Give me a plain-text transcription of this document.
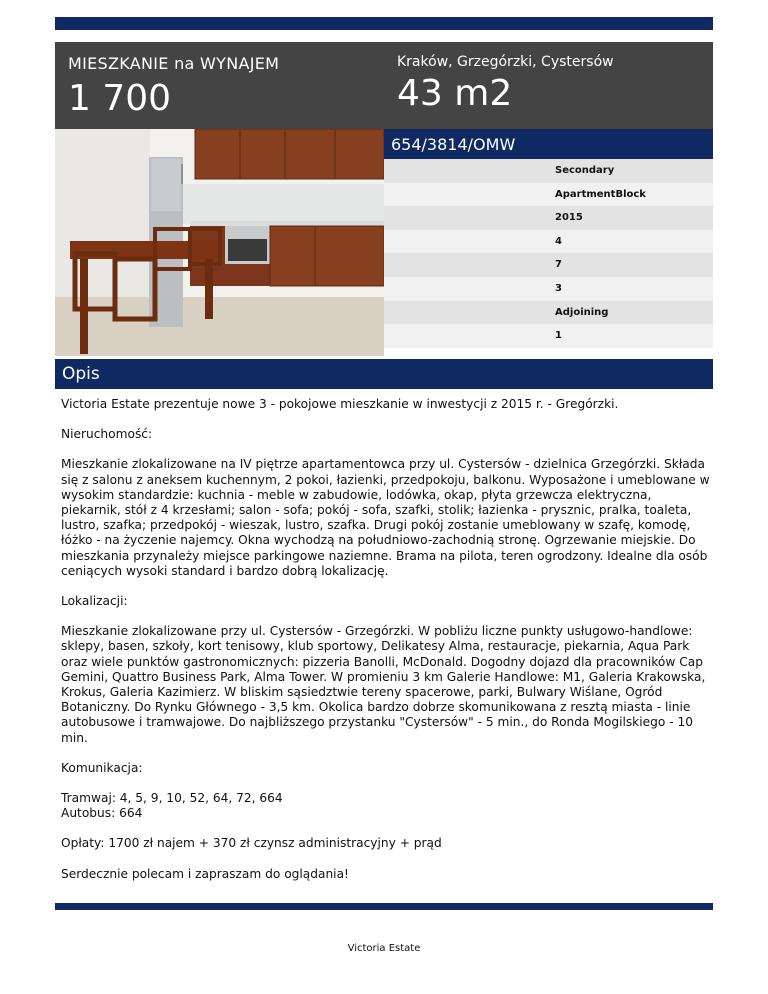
MIESZKANIE na WYNAJEM
1 700
Kraków, Grzegórzki, Cystersów
43 m2
654/3814/OMW
Secondary
ApartmentBlock
2015
4
7
3
Adjoining
1
Opis

Victoria Estate prezentuje nowe 3 - pokojowe mieszkanie w inwestycji z 2015 r. - Gregórzki.

Nieruchomość:

Mieszkanie zlokalizowane na IV piętrze apartamentowca przy ul. Cystersów - dzielnica Grzegórzki. Składa się z salonu z aneksem kuchennym, 2 pokoi, łazienki, przedpokoju, balkonu. Wyposażone i umeblowane w wysokim standardzie: kuchnia - meble w zabudowie, lodówka, okap, płyta grzewcza elektryczna, piekarnik, stół z 4 krzesłami; salon - sofa; pokój - sofa, szafki, stolik; łazienka - prysznic, pralka, toaleta, lustro, szafka; przedpokój - wieszak, lustro, szafka. Drugi pokój zostanie umeblowany w szafę, komodę, łóżko - na życzenie najemcy. Okna wychodzą na południowo-zachodnią stronę. Ogrzewanie miejskie. Do mieszkania przynależy miejsce parkingowe naziemne. Brama na pilota, teren ogrodzony. Idealne dla osób ceniących wysoki standard i bardzo dobrą lokalizację.

Lokalizacji:

Mieszkanie zlokalizowane przy ul. Cystersów - Grzegórzki. W pobliżu liczne punkty usługowo-handlowe: sklepy, basen, szkoły, kort tenisowy, klub sportowy, Delikatesy Alma, restauracje, piekarnia, Aqua Park oraz wiele punktów gastronomicznych: pizzeria Banolli, McDonald. Dogodny dojazd dla pracowników Cap Gemini, Quattro Business Park, Alma Tower. W promieniu 3 km Galerie Handlowe: M1, Galeria Krakowska, Krokus, Galeria Kazimierz. W bliskim sąsiedztwie tereny spacerowe, parki, Bulwary Wiślane, Ogród Botaniczny. Do Rynku Głównego - 3,5 km. Okolica bardzo dobrze skomunikowana z resztą miasta - linie autobusowe i tramwajowe. Do najbliższego przystanku "Cystersów" - 5 min., do Ronda Mogilskiego - 10 min.

Komunikacja:

Tramwaj: 4, 5, 9, 10, 52, 64, 72, 664
Autobus: 664

Opłaty: 1700 zł najem + 370 zł czynsz administracyjny + prąd

Serdecznie polecam i zapraszam do oglądania!

Victoria Estate
